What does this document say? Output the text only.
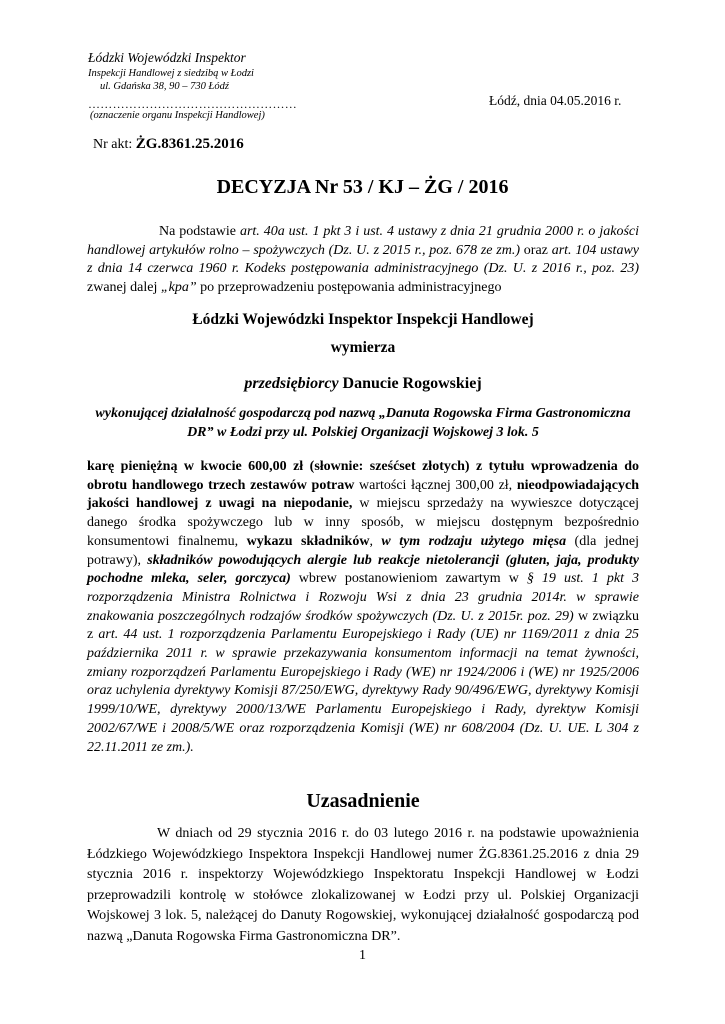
Łódzki Wojewódzki Inspektor
Inspekcji Handlowej z siedzibą w Łodzi
ul. Gdańska 38, 90 – 730 Łódź
……………………………………………
(oznaczenie organu Inspekcji Handlowej)
Łódź, dnia 04.05.2016 r.
Nr akt: ŻG.8361.25.2016
DECYZJA Nr 53 / KJ – ŻG / 2016
Na podstawie art. 40a ust. 1 pkt 3 i ust. 4 ustawy z dnia 21 grudnia 2000 r. o jakości handlowej artykułów rolno – spożywczych (Dz. U. z 2015 r., poz. 678 ze zm.) oraz art. 104 ustawy z dnia 14 czerwca 1960 r. Kodeks postępowania administracyjnego (Dz. U. z 2016 r., poz. 23) zwanej dalej „kpa” po przeprowadzeniu postępowania administracyjnego
Łódzki Wojewódzki Inspektor Inspekcji Handlowej
wymierza
przedsiębiorcy Danucie Rogowskiej
wykonującej działalność gospodarczą pod nazwą „Danuta Rogowska Firma Gastronomiczna DR” w Łodzi przy ul. Polskiej Organizacji Wojskowej 3 lok. 5
karę pieniężną w kwocie 600,00 zł (słownie: sześćset złotych) z tytułu wprowadzenia do obrotu handlowego trzech zestawów potraw wartości łącznej 300,00 zł, nieodpowiadających jakości handlowej z uwagi na niepodanie, w miejscu sprzedaży na wywieszce dotyczącej danego środka spożywczego lub w inny sposób, w miejscu dostępnym bezpośrednio konsumentowi finalnemu, wykazu składników, w tym rodzaju użytego mięsa (dla jednej potrawy), składników powodujących alergie lub reakcje nietolerancji (gluten, jaja, produkty pochodne mleka, seler, gorczyca) wbrew postanowieniom zawartym w § 19 ust. 1 pkt 3 rozporządzenia Ministra Rolnictwa i Rozwoju Wsi z dnia 23 grudnia 2014r. w sprawie znakowania poszczególnych rodzajów środków spożywczych (Dz. U. z 2015r. poz. 29) w związku z art. 44 ust. 1 rozporządzenia Parlamentu Europejskiego i Rady (UE) nr 1169/2011 z dnia 25 października 2011 r. w sprawie przekazywania konsumentom informacji na temat żywności, zmiany rozporządzeń Parlamentu Europejskiego i Rady (WE) nr 1924/2006 i (WE) nr 1925/2006 oraz uchylenia dyrektywy Komisji 87/250/EWG, dyrektywy Rady 90/496/EWG, dyrektywy Komisji 1999/10/WE, dyrektywy 2000/13/WE Parlamentu Europejskiego i Rady, dyrektyw Komisji 2002/67/WE i 2008/5/WE oraz rozporządzenia Komisji (WE) nr 608/2004 (Dz. U. UE. L 304 z 22.11.2011 ze zm.).
Uzasadnienie
W dniach od 29 stycznia 2016 r. do 03 lutego 2016 r. na podstawie upoważnienia Łódzkiego Wojewódzkiego Inspektora Inspekcji Handlowej numer ŻG.8361.25.2016 z dnia 29 stycznia 2016 r. inspektorzy Wojewódzkiego Inspektoratu Inspekcji Handlowej w Łodzi przeprowadzili kontrolę w stołówce zlokalizowanej w Łodzi przy ul. Polskiej Organizacji Wojskowej 3 lok. 5, należącej do Danuty Rogowskiej, wykonującej działalność gospodarczą pod nazwą „Danuta Rogowska Firma Gastronomiczna DR”.
1
